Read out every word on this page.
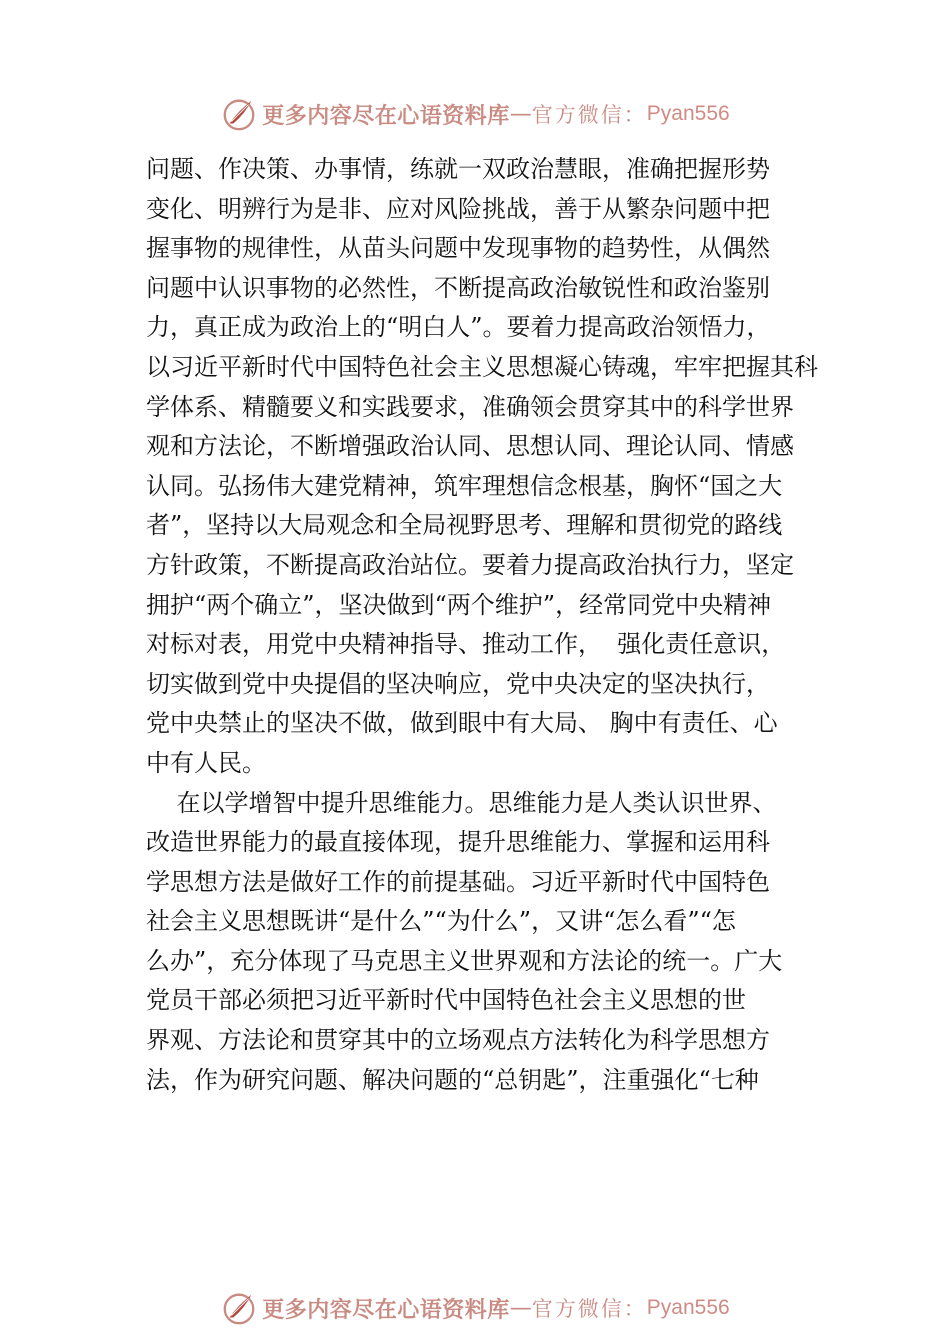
更多内容尽在心语资料库 — 官方微信： Pyan556
问题、作决策、办事情，练就一双政治慧眼，准确把握形势
变化、明辨行为是非、应对风险挑战，善于从繁杂问题中把
握事物的规律性，从苗头问题中发现事物的趋势性，从偶然
问题中认识事物的必然性，不断提高政治敏锐性和政治鉴别
力，真正成为政治上的“明白人”。要着力提高政治领悟力，
以习近平新时代中国特色社会主义思想凝心铸魂，牢牢把握其科
学体系、精髓要义和实践要求，准确领会贯穿其中的科学世界
观和方法论，不断增强政治认同、思想认同、理论认同、情感
认同。弘扬伟大建党精神，筑牢理想信念根基，胸怀“国之大
者”，坚持以大局观念和全局视野思考、理解和贯彻党的路线
方针政策，不断提高政治站位。要着力提高政治执行力，坚定
拥护“两个确立”，坚决做到“两个维护”，经常同党中央精神
对标对表，用党中央精神指导、推动工作，  强化责任意识，
切实做到党中央提倡的坚决响应，党中央决定的坚决执行，
党中央禁止的坚决不做，做到眼中有大局、 胸中有责任、心
中有人民。
在以学增智中提升思维能力。思维能力是人类认识世界、
改造世界能力的最直接体现，提升思维能力、掌握和运用科
学思想方法是做好工作的前提基础。习近平新时代中国特色
社会主义思想既讲“是什么”“为什么”，又讲“怎么看”“怎
么办”，充分体现了马克思主义世界观和方法论的统一。广大
党员干部必须把习近平新时代中国特色社会主义思想的世
界观、方法论和贯穿其中的立场观点方法转化为科学思想方
法，作为研究问题、解决问题的“总钥匙”，注重强化“七种
更多内容尽在心语资料库 — 官方微信： Pyan556
